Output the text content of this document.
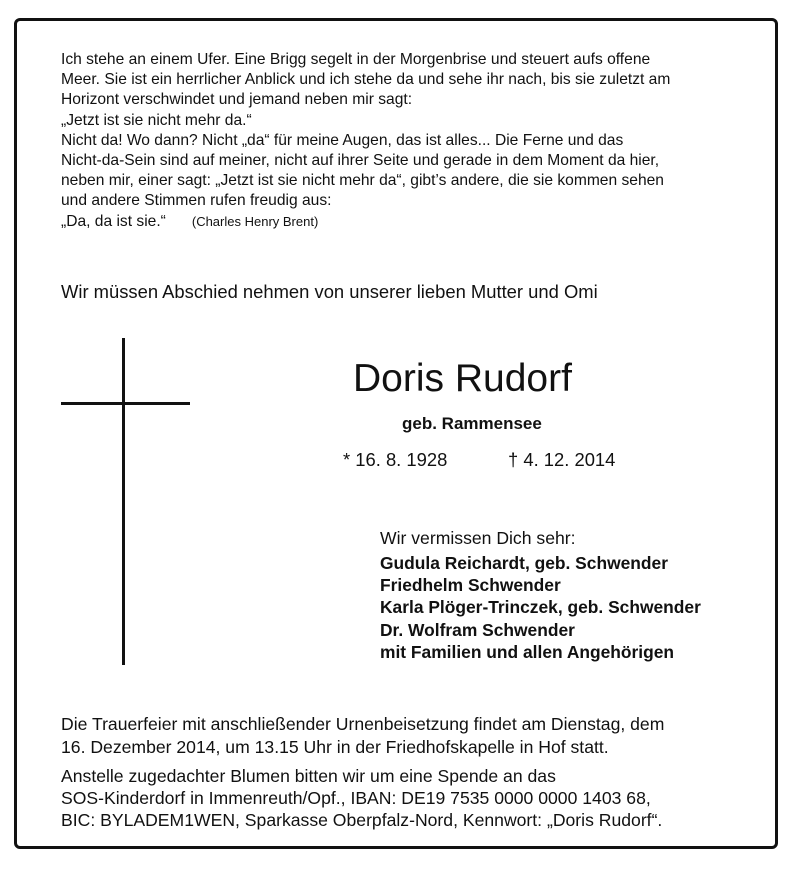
Ich stehe an einem Ufer. Eine Brigg segelt in der Morgenbrise und steuert aufs offene
Meer. Sie ist ein herrlicher Anblick und ich stehe da und sehe ihr nach, bis sie zuletzt am
Horizont verschwindet und jemand neben mir sagt:
„Jetzt ist sie nicht mehr da.“
Nicht da! Wo dann? Nicht „da“ für meine Augen, das ist alles... Die Ferne und das
Nicht-da-Sein sind auf meiner, nicht auf ihrer Seite und gerade in dem Moment da hier,
neben mir, einer sagt: „Jetzt ist sie nicht mehr da“, gibt’s andere, die sie kommen sehen
und andere Stimmen rufen freudig aus:
„Da, da ist sie.“ (Charles Henry Brent)
Wir müssen Abschied nehmen von unserer lieben Mutter und Omi
Doris Rudorf
geb. Rammensee
* 16. 8. 1928	† 4. 12. 2014
Wir vermissen Dich sehr:
Gudula Reichardt, geb. Schwender
Friedhelm Schwender
Karla Plöger-Trinczek, geb. Schwender
Dr. Wolfram Schwender
mit Familien und allen Angehörigen
Die Trauerfeier mit anschließender Urnenbeisetzung findet am Dienstag, dem
16. Dezember 2014, um 13.15 Uhr in der Friedhofskapelle in Hof statt.
Anstelle zugedachter Blumen bitten wir um eine Spende an das
SOS-Kinderdorf in Immenreuth/Opf., IBAN: DE19 7535 0000 0000 1403 68,
BIC: BYLADEM1WEN, Sparkasse Oberpfalz-Nord, Kennwort: „Doris Rudorf“.
